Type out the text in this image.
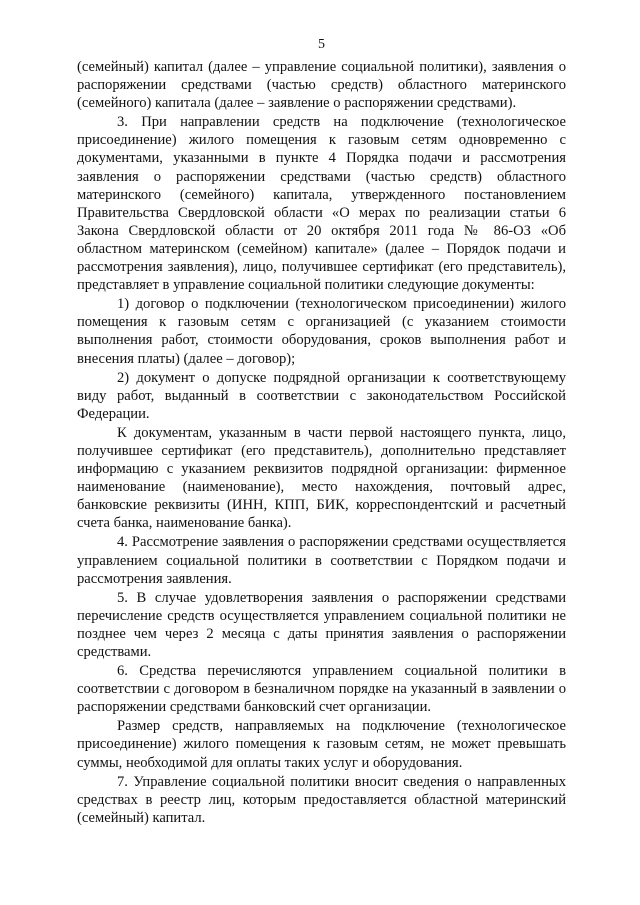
5

(семейный) капитал (далее – управление социальной политики), заявления о распоряжении средствами (частью средств) областного материнского (семейного) капитала (далее – заявление о распоряжении средствами).

3. При направлении средств на подключение (технологическое присоединение) жилого помещения к газовым сетям одновременно с документами, указанными в пункте 4 Порядка подачи и рассмотрения заявления о распоряжении средствами (частью средств) областного материнского (семейного) капитала, утвержденного постановлением Правительства Свердловской области «О мерах по реализации статьи 6 Закона Свердловской области от 20 октября 2011 года № 86-ОЗ «Об областном материнском (семейном) капитале» (далее – Порядок подачи и рассмотрения заявления), лицо, получившее сертификат (его представитель), представляет в управление социальной политики следующие документы:

1) договор о подключении (технологическом присоединении) жилого помещения к газовым сетям с организацией (с указанием стоимости выполнения работ, стоимости оборудования, сроков выполнения работ и внесения платы) (далее – договор);

2) документ о допуске подрядной организации к соответствующему виду работ, выданный в соответствии с законодательством Российской Федерации.

К документам, указанным в части первой настоящего пункта, лицо, получившее сертификат (его представитель), дополнительно представляет информацию с указанием реквизитов подрядной организации: фирменное наименование (наименование), место нахождения, почтовый адрес, банковские реквизиты (ИНН, КПП, БИК, корреспондентский и расчетный счета банка, наименование банка).

4. Рассмотрение заявления о распоряжении средствами осуществляется управлением социальной политики в соответствии с Порядком подачи и рассмотрения заявления.

5. В случае удовлетворения заявления о распоряжении средствами перечисление средств осуществляется управлением социальной политики не позднее чем через 2 месяца с даты принятия заявления о распоряжении средствами.

6. Средства перечисляются управлением социальной политики в соответствии с договором в безналичном порядке на указанный в заявлении о распоряжении средствами банковский счет организации.

Размер средств, направляемых на подключение (технологическое присоединение) жилого помещения к газовым сетям, не может превышать суммы, необходимой для оплаты таких услуг и оборудования.

7. Управление социальной политики вносит сведения о направленных средствах в реестр лиц, которым предоставляется областной материнский (семейный) капитал.
